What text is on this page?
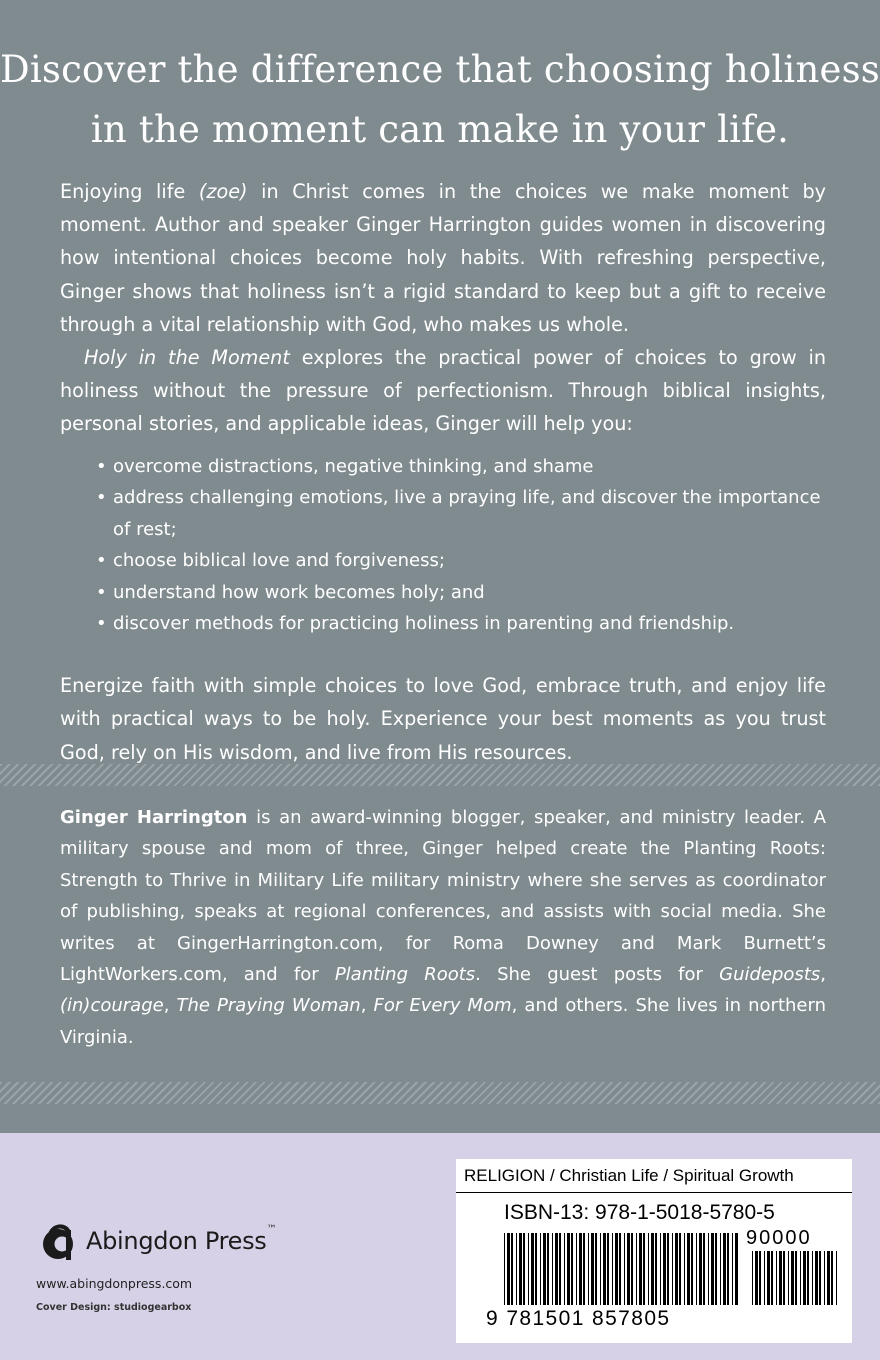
Discover the difference that choosing holiness
in the moment can make in your life.

Enjoying life (zoe) in Christ comes in the choices we make moment by moment. Author and speaker Ginger Harrington guides women in discovering how intentional choices become holy habits. With refreshing perspective, Ginger shows that holiness isn’t a rigid standard to keep but a gift to receive through a vital relationship with God, who makes us whole.

Holy in the Moment explores the practical power of choices to grow in holiness without the pressure of perfectionism. Through biblical insights, personal stories, and applicable ideas, Ginger will help you:

• overcome distractions, negative thinking, and shame
• address challenging emotions, live a praying life, and discover the importance of rest;
• choose biblical love and forgiveness;
• understand how work becomes holy; and
• discover methods for practicing holiness in parenting and friendship.

Energize faith with simple choices to love God, embrace truth, and enjoy life with practical ways to be holy. Experience your best moments as you trust God, rely on His wisdom, and live from His resources.

Ginger Harrington is an award-winning blogger, speaker, and ministry leader. A military spouse and mom of three, Ginger helped create the Planting Roots: Strength to Thrive in Military Life military ministry where she serves as coordinator of publishing, speaks at regional conferences, and assists with social media. She writes at GingerHarrington.com, for Roma Downey and Mark Burnett’s LightWorkers.com, and for Planting Roots. She guest posts for Guideposts, (in)courage, The Praying Woman, For Every Mom, and others. She lives in northern Virginia.

Abingdon Press ™
www.abingdonpress.com
Cover Design: studiogearbox
RELIGION / Christian Life / Spiritual Growth
ISBN-13: 978-1-5018-5780-5
90000
9 781501 857805
